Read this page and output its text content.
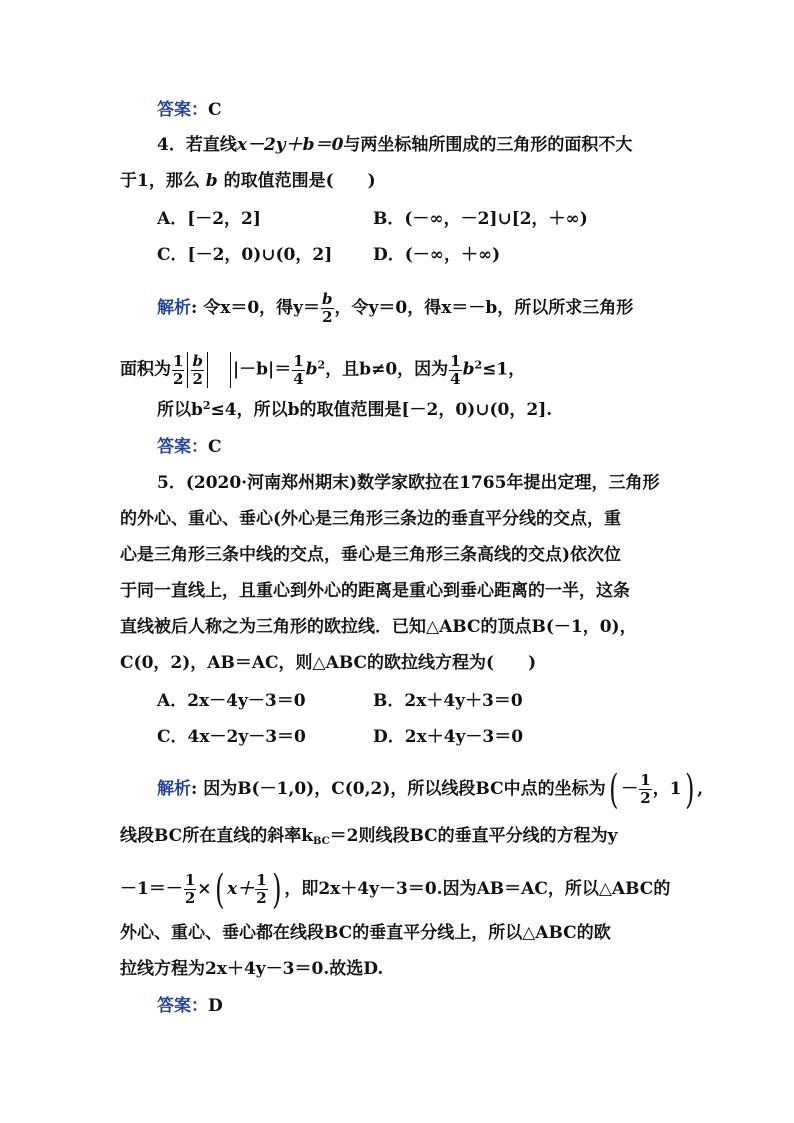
答案：C
4．若直线x－2y＋b＝0与两坐标轴所围成的三角形的面积不大
于1，那么 b 的取值范围是(　　)
A．[－2，2]	B．(－∞，－2]∪[2，＋∞)
C．[－2，0)∪(0，2] D．(－∞，＋∞)
解析: 令x＝0，得$y= \frac{b}{2}$ ，令y＝0，得x＝－b，所以所求三角形
面积为 $\frac{1}{2} \frac{b}{2} |-b|= \frac{1}{4} b^2$，且b≠0，因为 $\frac{1}{4} b^2\le 1$，
所以$b^2\le 4$，所以b的取值范围是[－2，0)∪(0，2].
答案：C
5．(2020·河南郑州期末)数学家欧拉在1765年提出定理，三角形
的外心、重心、垂心(外心是三角形三条边的垂直平分线的交点，重
心是三角形三条中线的交点，垂心是三角形三条高线的交点)依次位
于同一直线上，且重心到外心的距离是重心到垂心距离的一半，这条
直线被后人称之为三角形的欧拉线．已知△ABC的顶点B(－1，0)，
C(0，2)，AB＝AC，则△ABC的欧拉线方程为(　　)
A．2x－4y－3＝0	B．2x＋4y＋3＝0
C．4x－2y－3＝0	D．2x＋4y－3＝0
解析: 因为B(－1,0)，C(0,2)，所以线段BC中点的坐标为( － $\frac{1}{2}$ ，1) ,
线段BC所在直线的斜率$k_{BC}=2$则线段BC的垂直平分线的方程为y
$-1=- \frac{1}{2}$ ×( $x+ \frac{1}{2}$ ) ，即2x＋4y－3＝0.因为AB＝AC，所以△ABC的
外心、重心、垂心都在线段BC的垂直平分线上，所以△ABC的欧
拉线方程为2x＋4y－3＝0.故选D.
答案：D
